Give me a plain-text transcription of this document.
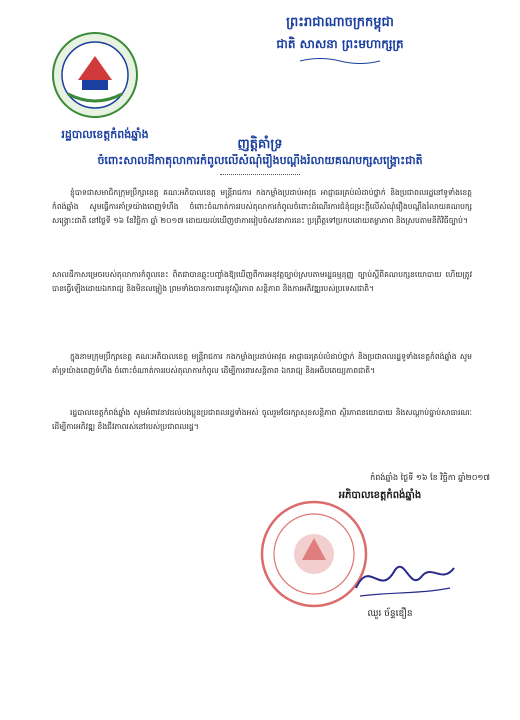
រដ្ឋបាលខេត្តកំពង់ឆ្នាំង
ព្រះរាជាណាចក្រកម្ពុជា
ជាតិ សាសនា ព្រះមហាក្សត្រ
ញត្តិគាំទ្រ
ចំពោះសាលដីកាតុលាការកំពូលលើសំណុំរឿងបណ្តឹងរំលាយគណបក្សសង្គ្រោះជាតិ
ខ្ញុំបាទជាសមាជិកក្រុមប្រឹក្សាខេត្ត គណៈអភិបាលខេត្ត មន្ត្រីរាជការ កងកម្លាំងប្រដាប់អាវុធ អាជ្ញាធរគ្រប់លំដាប់ថ្នាក់ និងប្រជាពលរដ្ឋនៅទូទាំងខេត្តកំពង់ឆ្នាំង សូមធ្វើការគាំទ្រយ៉ាងពេញទំហឹង ចំពោះចំណាត់ការរបស់តុលាការកំពូលចំពោះដំណើរការជំនុំជម្រះក្តីលើសំណុំរឿងបណ្តឹងរំលាយគណបក្សសង្គ្រោះជាតិ នៅថ្ងៃទី ១៦ ខែវិច្ឆិកា ឆ្នាំ ២០១៧ ដោយយល់ឃើញថាការរៀបចំសវនាការនេះ ប្រព្រឹត្តទៅប្រកបដោយតម្លាភាព និងស្របតាមនីតិវិធីច្បាប់។
សាលដីកាសម្រេចរបស់តុលាការកំពូលនេះ ពិតជាបានឆ្លុះបញ្ចាំងឱ្យឃើញពីការអនុវត្តច្បាប់ស្របតាមរដ្ឋធម្មនុញ្ញ ច្បាប់ស្តីពីគណបក្សនយោបាយ ហើយត្រូវបានធ្វើឡើងដោយឯករាជ្យ និងមិនលម្អៀង ព្រមទាំងបានការពារនូវស្ថិរភាព សន្តិភាព និងការអភិវឌ្ឍរបស់ប្រទេសជាតិ។
ក្នុងនាមក្រុមប្រឹក្សាខេត្ត គណៈអភិបាលខេត្ត មន្ត្រីរាជការ កងកម្លាំងប្រដាប់អាវុធ អាជ្ញាធរគ្រប់លំដាប់ថ្នាក់ និងប្រជាពលរដ្ឋទូទាំងខេត្តកំពង់ឆ្នាំង សូមគាំទ្រយ៉ាងពេញទំហឹង ចំពោះចំណាត់ការរបស់តុលាការកំពូល ដើម្បីការពារសន្តិភាព ឯករាជ្យ និងអធិបតេយ្យភាពជាតិ។
រដ្ឋបាលខេត្តកំពង់ឆ្នាំង សូមអំពាវនាវដល់បងប្អូនប្រជាពលរដ្ឋទាំងអស់ ចូលរួមថែរក្សាសុខសន្តិភាព ស្ថិរភាពនយោបាយ និងសណ្តាប់ធ្នាប់សាធារណៈ ដើម្បីការអភិវឌ្ឍ និងជីវភាពរស់នៅរបស់ប្រជាពលរដ្ឋ។
កំពង់ឆ្នាំង ថ្ងៃទី ១៦ ខែ វិច្ឆិកា ឆ្នាំ២០១៧
អភិបាលខេត្តកំពង់ឆ្នាំង
ឈួរ ច័ន្ទឌឿន
